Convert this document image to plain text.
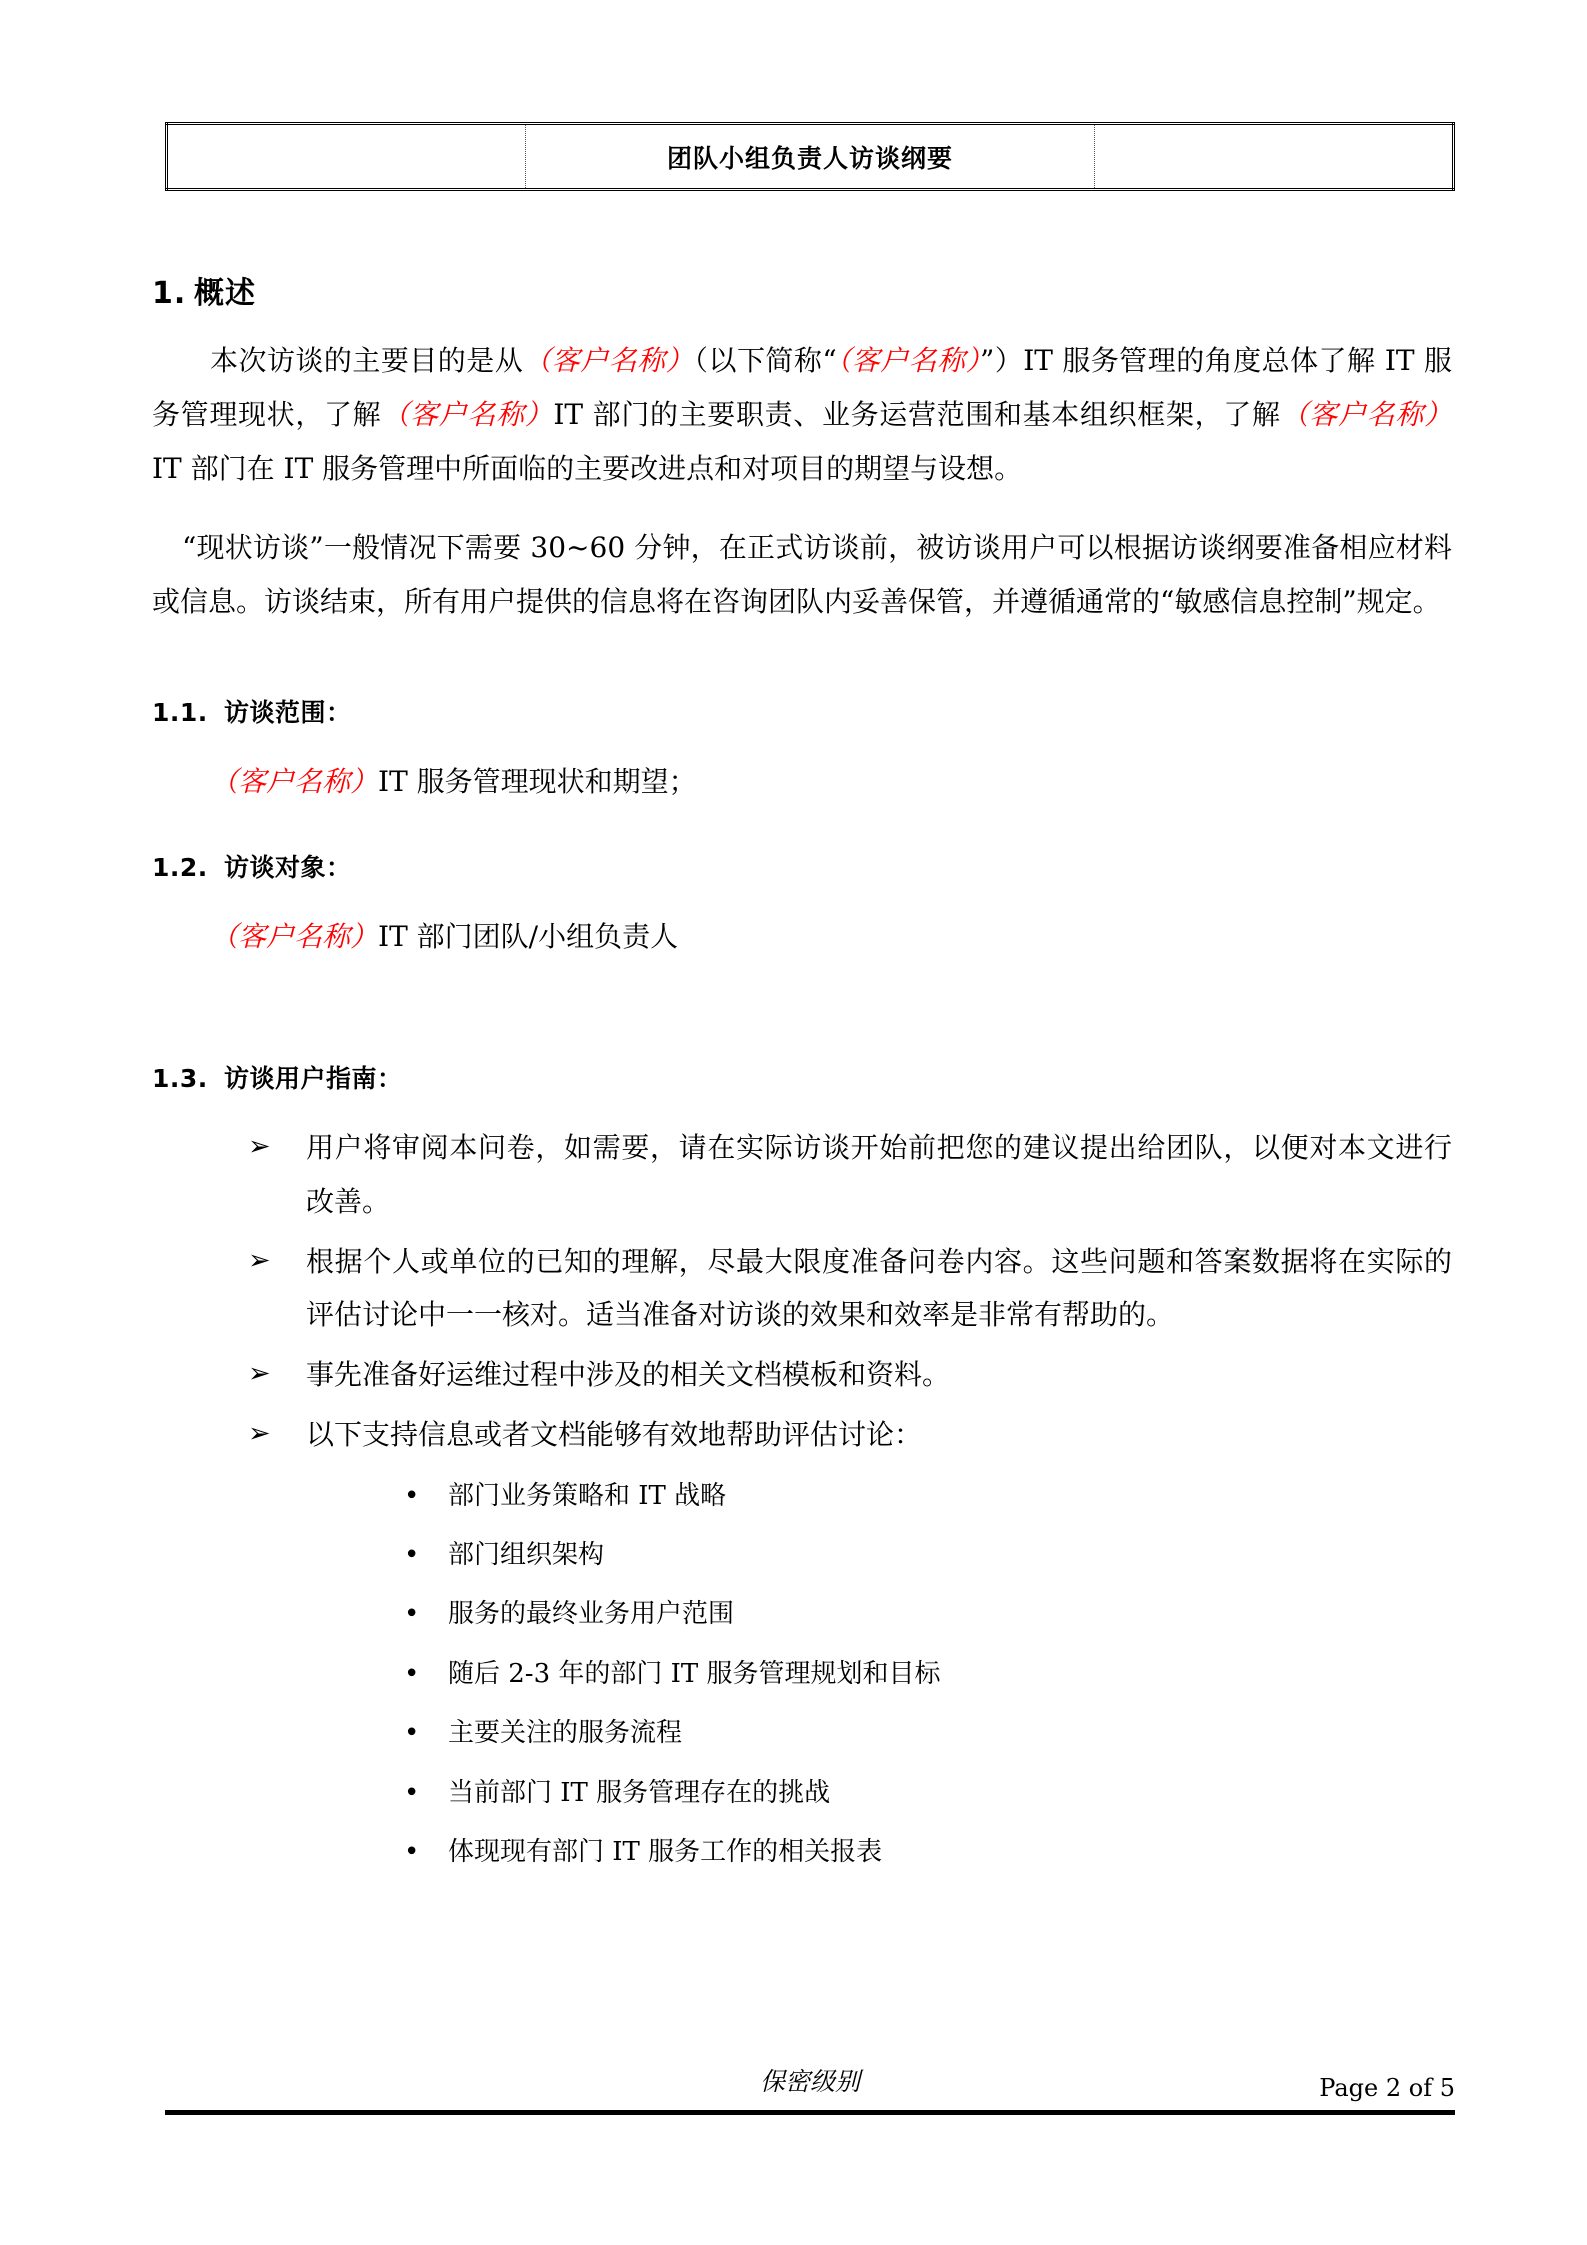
	团队小组负责人访谈纲要	
1. 概述

本次访谈的主要目的是从（客户名称）（以下简称“（客户名称）”）IT 服务管理的角度总体了解 IT 服务管理现状，了解（客户名称）IT 部门的主要职责、业务运营范围和基本组织框架，了解（客户名称）IT 部门在 IT 服务管理中所面临的主要改进点和对项目的期望与设想。

“现状访谈”一般情况下需要 30~60 分钟，在正式访谈前，被访谈用户可以根据访谈纲要准备相应材料或信息。访谈结束，所有用户提供的信息将在咨询团队内妥善保管，并遵循通常的“敏感信息控制”规定。

1.1. 访谈范围：

（客户名称）IT 服务管理现状和期望；

1.2. 访谈对象：

（客户名称）IT 部门团队/小组负责人

1.3. 访谈用户指南：
➢ 用户将审阅本问卷，如需要，请在实际访谈开始前把您的建议提出给团队，以便对本文进行改善。
➢ 根据个人或单位的已知的理解，尽最大限度准备问卷内容。这些问题和答案数据将在实际的评估讨论中一一核对。适当准备对访谈的效果和效率是非常有帮助的。
➢ 事先准备好运维过程中涉及的相关文档模板和资料。
➢ 以下支持信息或者文档能够有效地帮助评估讨论：
• 部门业务策略和 IT 战略
• 部门组织架构
• 服务的最终业务用户范围
• 随后 2-3 年的部门 IT 服务管理规划和目标
• 主要关注的服务流程
• 当前部门 IT 服务管理存在的挑战
• 体现现有部门 IT 服务工作的相关报表
保密级别	Page 2 of 5
